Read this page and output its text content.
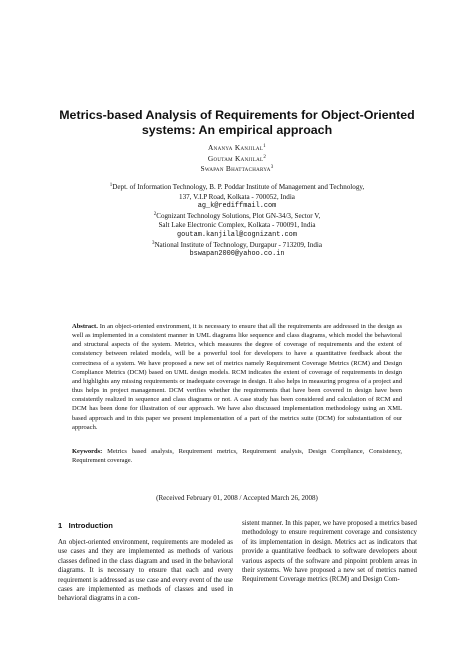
Metrics-based Analysis of Requirements for Object-Oriented
systems: An empirical approach
Ananya Kanjilal$^1$
Goutam Kanjilal$^2$
Swapan Bhattacharya$^3$
$^1$Dept. of Information Technology, B. P. Poddar Institute of Management and Technology,
137, V.I.P Road, Kolkata - 700052, India
ag_k@rediffmail.com
$^2$Cognizant Technology Solutions, Plot GN-34/3, Sector V,
Salt Lake Electronic Complex, Kolkata - 700091, India
goutam.kanjilal@cognizant.com
$^3$National Institute of Technology, Durgapur - 713209, India
bswapan2000@yahoo.co.in

Abstract. In an object-oriented environment, it is necessary to ensure that all the requirements are addressed in the design as well as implemented in a consistent manner in UML diagrams like sequence and class diagrams, which model the behavioral and structural aspects of the system. Metrics, which measures the degree of coverage of requirements and the extent of consistency between related models, will be a powerful tool for developers to have a quantitative feedback about the correctness of a system. We have proposed a new set of metrics namely Requirement Coverage Metrics (RCM) and Design Compliance Metrics (DCM) based on UML design models. RCM indicates the extent of coverage of requirements in design and highlights any missing requirements or inadequate coverage in design. It also helps in measuring progress of a project and thus helps in project management. DCM verifies whether the requirements that have been covered in design have been consistently realized in sequence and class diagrams or not. A case study has been considered and calculation of RCM and DCM has been done for illustration of our approach. We have also discussed implementation methodology using an XML based approach and in this paper we present implementation of a part of the metrics suite (DCM) for substantiation of our approach.

Keywords: Metrics based analysis, Requirement metrics, Requirement analysis, Design Compliance, Consistency, Requirement coverage.

(Received February 01, 2008 / Accepted March 26, 2008)
1 Introduction

An object-oriented environment, requirements are modeled as use cases and they are implemented as methods of various classes defined in the class diagram and used in the behavioral diagrams. It is necessary to ensure that each and every requirement is addressed as use case and every event of the use cases are implemented as methods of classes and used in behavioral diagrams in a con-

sistent manner. In this paper, we have proposed a metrics based methodology to ensure requirement coverage and consistency of its implementation in design. Metrics act as indicators that provide a quantitative feedback to software developers about various aspects of the software and pinpoint problem areas in their systems. We have proposed a new set of metrics named Requirement Coverage metrics (RCM) and Design Com-
